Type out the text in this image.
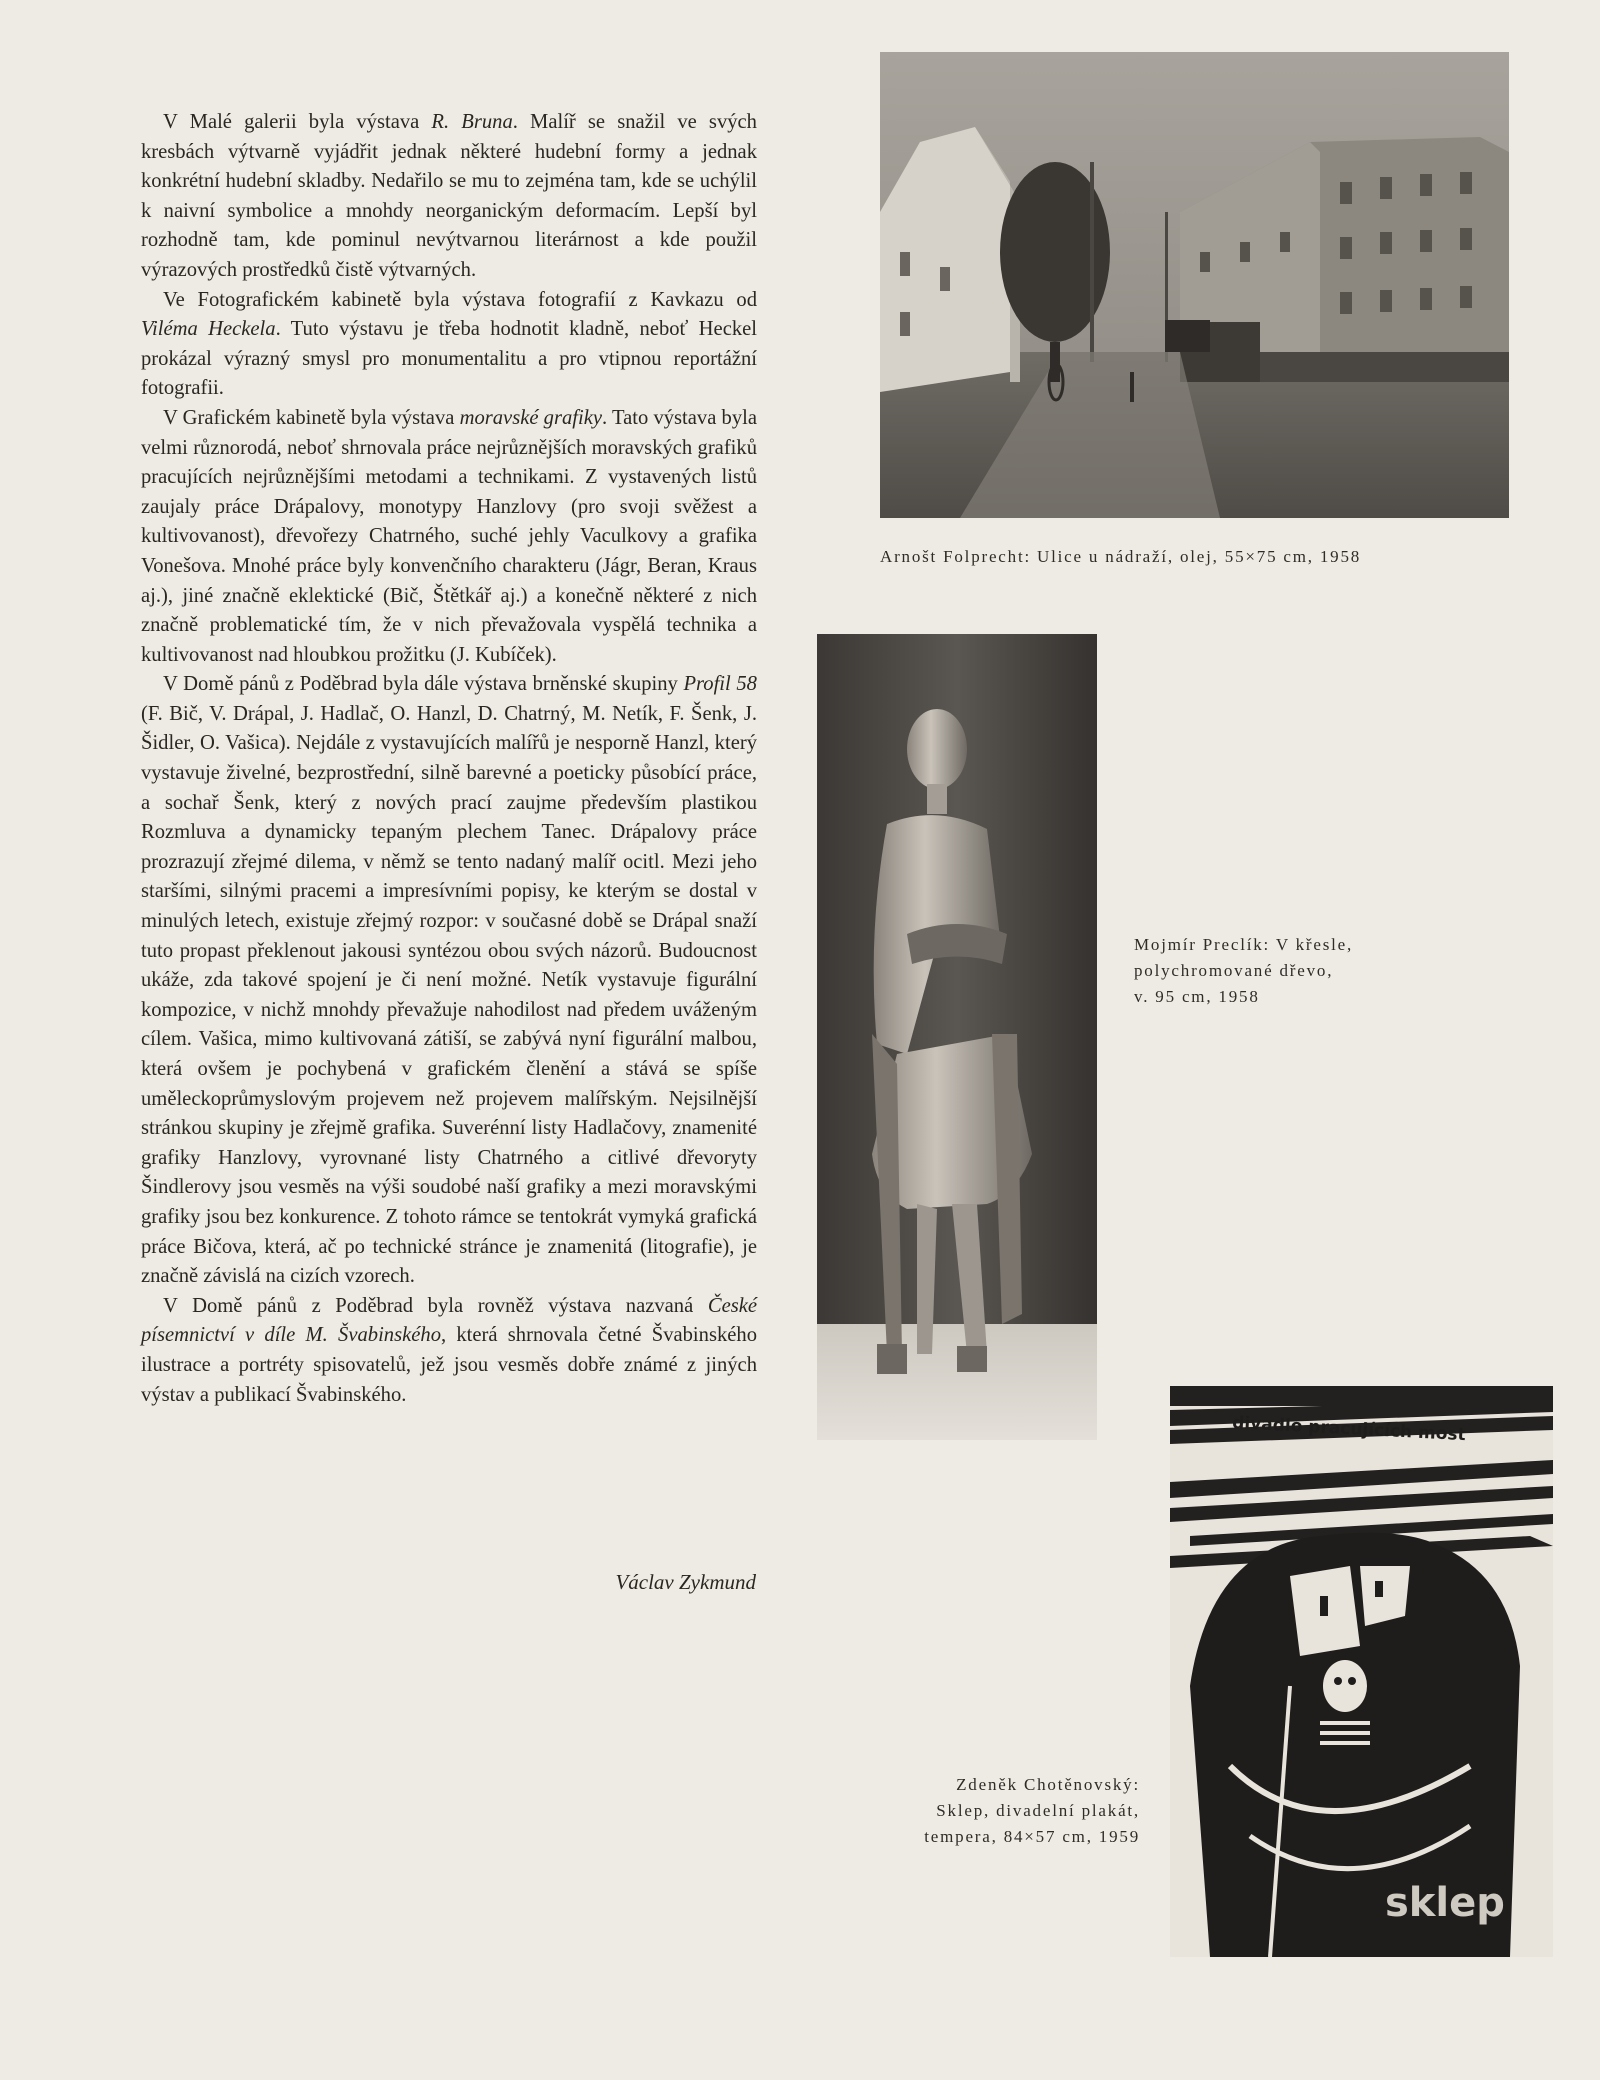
V Malé galerii byla výstava R. Bruna. Malíř se snažil ve svých kresbách výtvarně vyjádřit jednak některé hudební formy a jednak konkrétní hudební skladby. Nedařilo se mu to zejména tam, kde se uchýlil k naivní symbolice a mnohdy neorganickým deformacím. Lepší byl rozhodně tam, kde pominul nevýtvarnou literárnost a kde použil výrazových prostředků čistě výtvarných.

Ve Fotografickém kabinetě byla výstava fotografií z Kavkazu od Viléma Heckela. Tuto výstavu je třeba hodnotit kladně, neboť Heckel prokázal výrazný smysl pro monumentalitu a pro vtipnou reportážní fotografii.

V Grafickém kabinetě byla výstava moravské grafiky. Tato výstava byla velmi různorodá, neboť shrnovala práce nejrůznějších moravských grafiků pracujících nejrůznějšími metodami a technikami. Z vystavených listů zaujaly práce Drápalovy, monotypy Hanzlovy (pro svoji svěžest a kultivovanost), dřevořezy Chatrného, suché jehly Vaculkovy a grafika Vonešova. Mnohé práce byly konvenčního charakteru (Jágr, Beran, Kraus aj.), jiné značně eklektické (Bič, Štětkář aj.) a konečně některé z nich značně problematické tím, že v nich převažovala vyspělá technika a kultivovanost nad hloubkou prožitku (J. Kubíček).

V Domě pánů z Poděbrad byla dále výstava brněnské skupiny Profil 58 (F. Bič, V. Drápal, J. Hadlač, O. Hanzl, D. Chatrný, M. Netík, F. Šenk, J. Šidler, O. Vašica). Nejdále z vystavujících malířů je nesporně Hanzl, který vystavuje živelné, bezprostřední, silně barevné a poeticky působící práce, a sochař Šenk, který z nových prací zaujme především plastikou Rozmluva a dynamicky tepaným plechem Tanec. Drápalovy práce prozrazují zřejmé dilema, v němž se tento nadaný malíř ocitl. Mezi jeho staršími, silnými pracemi a impresívními popisy, ke kterým se dostal v minulých letech, existuje zřejmý rozpor: v současné době se Drápal snaží tuto propast překlenout jakousi syntézou obou svých názorů. Budoucnost ukáže, zda takové spojení je či není možné. Netík vystavuje figurální kompozice, v nichž mnohdy převažuje nahodilost nad předem uváženým cílem. Vašica, mimo kultivovaná zátiší, se zabývá nyní figurální malbou, která ovšem je pochybená v grafickém členění a stává se spíše uměleckoprůmyslovým projevem než projevem malířským. Nejsilnější stránkou skupiny je zřejmě grafika. Suverénní listy Hadlačovy, znamenité grafiky Hanzlovy, vyrovnané listy Chatrného a citlivé dřevoryty Šindlerovy jsou vesměs na výši soudobé naší grafiky a mezi moravskými grafiky jsou bez konkurence. Z tohoto rámce se tentokrát vymyká grafická práce Bičova, která, ač po technické stránce je znamenitá (litografie), je značně závislá na cizích vzorech.

V Domě pánů z Poděbrad byla rovněž výstava nazvaná České písemnictví v díle M. Švabinského, která shrnovala četné Švabinského ilustrace a portréty spisovatelů, jež jsou vesměs dobře známé z jiných výstav a publikací Švabinského.

Václav Zykmund
Arnošt Folprecht: Ulice u nádraží, olej, 55×75 cm, 1958
Mojmír Preclík: V křesle,
polychromované dřevo,
v. 95 cm, 1958
divadlo pracujících most
sklep
Zdeněk Chotěnovský:
Sklep, divadelní plakát,
tempera, 84×57 cm, 1959
